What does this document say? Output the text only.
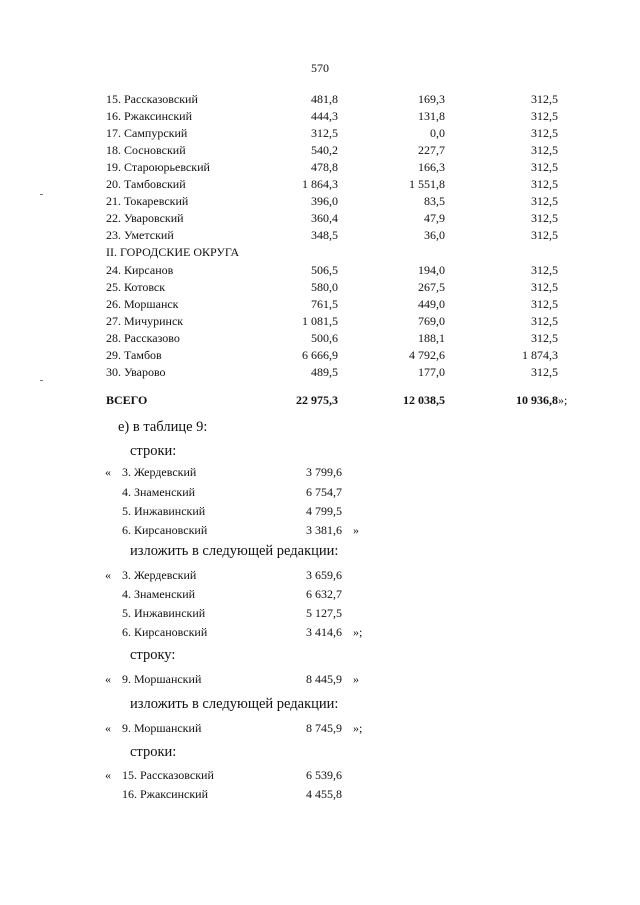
570
15. Рассказовский	481,8	169,3	312,5
16. Ржаксинский	444,3	131,8	312,5
17. Сампурский	312,5	0,0	312,5
18. Сосновский	540,2	227,7	312,5
19. Староюрьевский	478,8	166,3	312,5
20. Тамбовский	1 864,3	1 551,8	312,5
21. Токаревский	396,0	83,5	312,5
22. Уваровский	360,4	47,9	312,5
23. Уметский	348,5	36,0	312,5
II. ГОРОДСКИЕ ОКРУГА
24. Кирсанов	506,5	194,0	312,5
25. Котовск	580,0	267,5	312,5
26. Моршанск	761,5	449,0	312,5
27. Мичуринск	1 081,5	769,0	312,5
28. Рассказово	500,6	188,1	312,5
29. Тамбов	6 666,9	4 792,6	1 874,3
30. Уварово	489,5	177,0	312,5
ВСЕГО	22 975,3	12 038,5	10 936,8 »;
е) в таблице 9:
строки:
« 3. Жердевский	3 799,6
4. Знаменский	6 754,7
5. Инжавинский	4 799,5
6. Кирсановский	3 381,6 »
изложить в следующей редакции:
« 3. Жердевский	3 659,6
4. Знаменский	6 632,7
5. Инжавинский	5 127,5
6. Кирсановский	3 414,6 »;
строку:
« 9. Моршанский	8 445,9 »
изложить в следующей редакции:
« 9. Моршанский	8 745,9 »;
строки:
« 15. Рассказовский	6 539,6
16. Ржаксинский	4 455,8
